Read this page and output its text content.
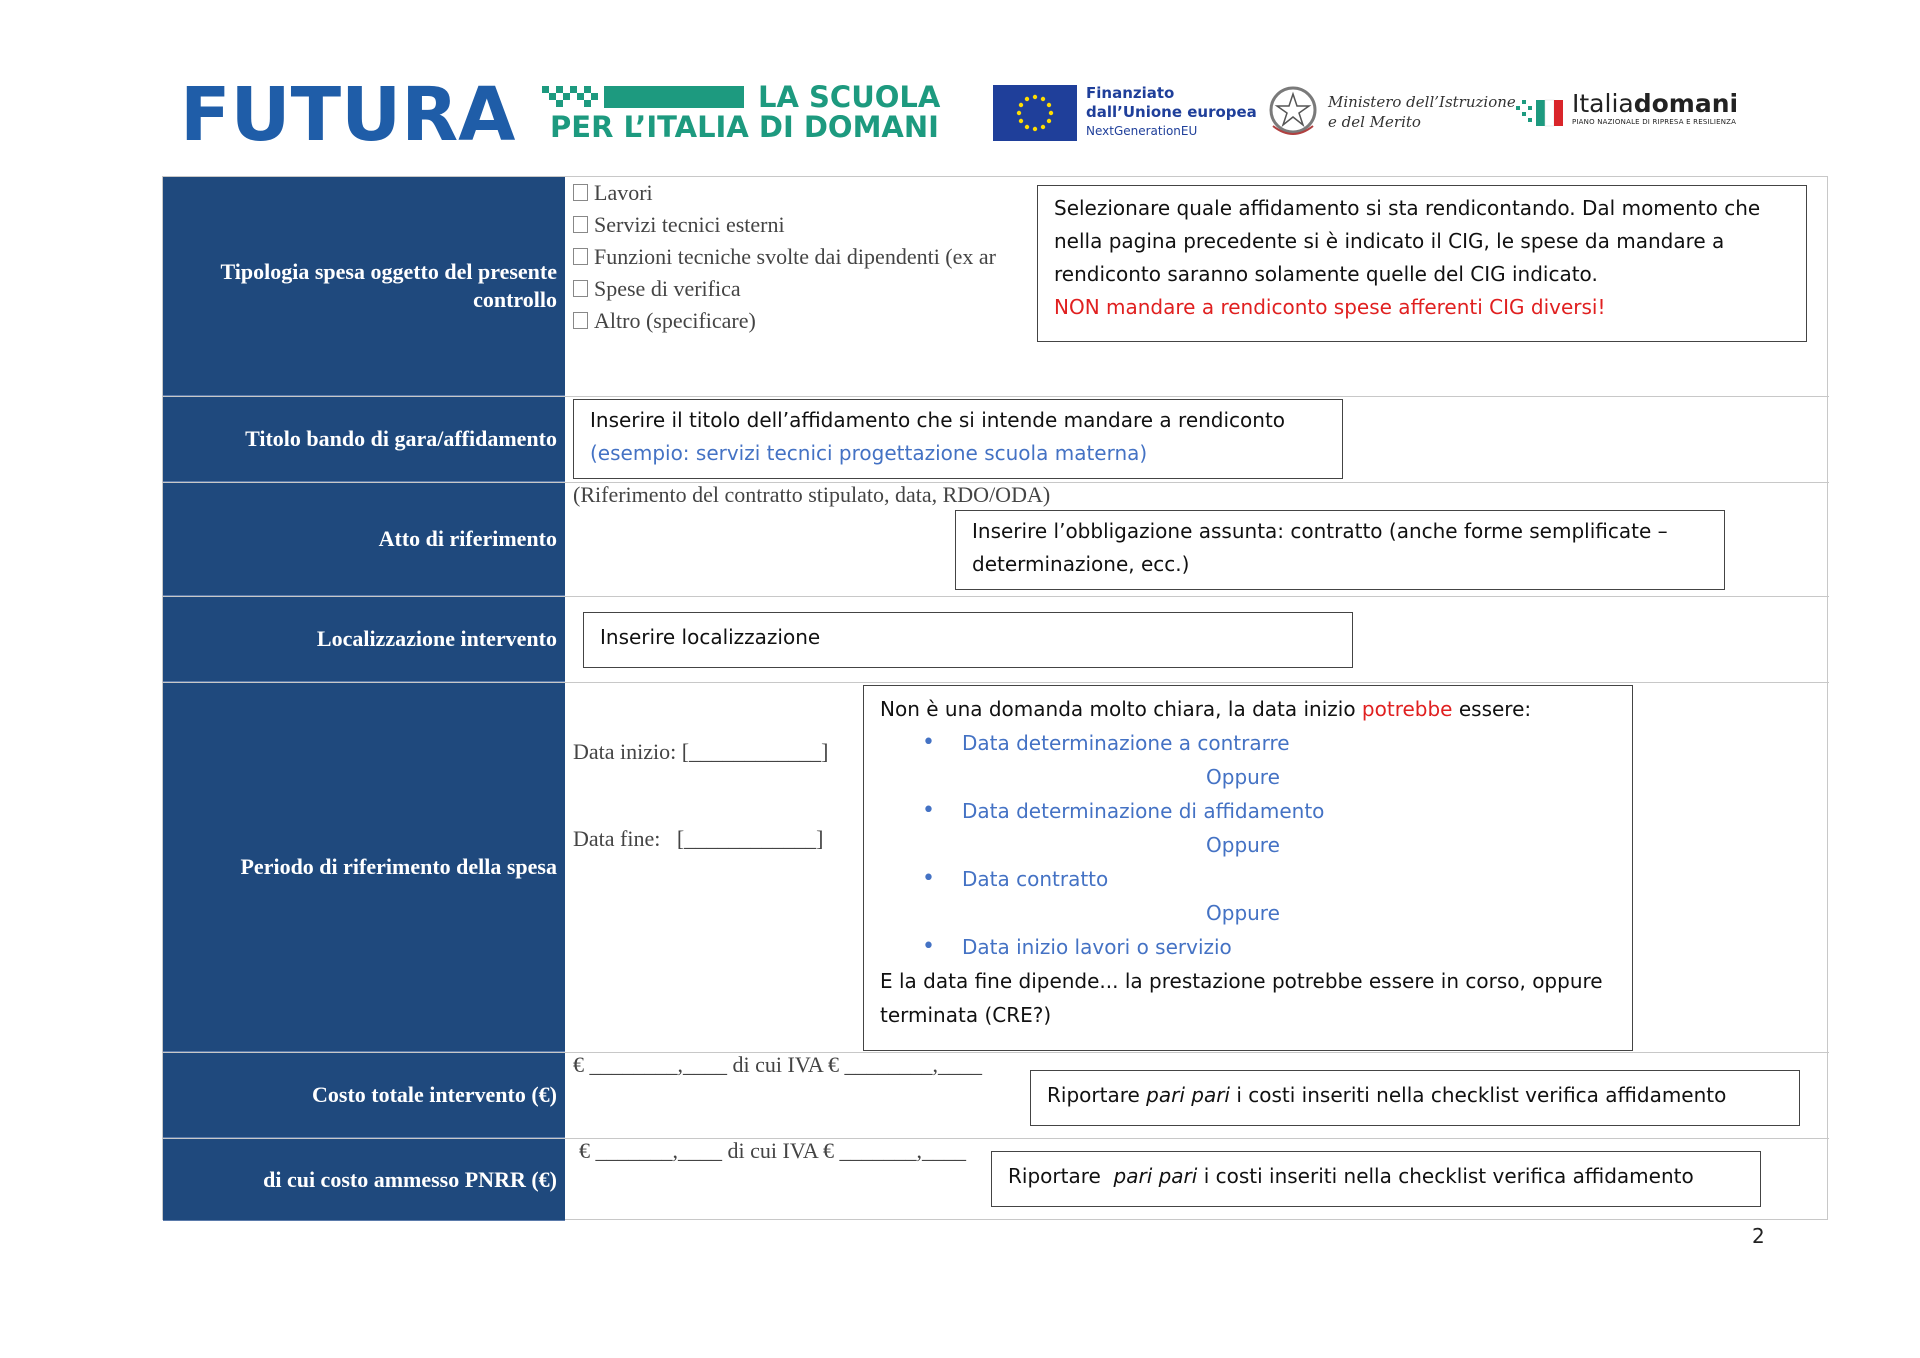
FUTURA	LA SCUOLA
PER L’ITALIA DI DOMANI
Finanziato
dall’Unione europea
NextGenerationEU
Ministero dell’Istruzione
e del Merito
Italiadomani
PIANO NAZIONALE DI RIPRESA E RESILIENZA
Tipologia spesa oggetto del presente controllo
Lavori
Servizi tecnici esterni
Funzioni tecniche svolte dai dipendenti (ex ar
Spese di verifica
Altro (specificare)
Selezionare quale affidamento si sta rendicontando. Dal momento che nella pagina precedente si è indicato il CIG, le spese da mandare a rendiconto saranno solamente quelle del CIG indicato.
NON mandare a rendiconto spese afferenti CIG diversi!
Titolo bando di gara/affidamento
Inserire il titolo dell’affidamento che si intende mandare a rendiconto
(esempio: servizi tecnici progettazione scuola materna)
Atto di riferimento
(Riferimento del contratto stipulato, data, RDO/ODA)
Inserire l’obbligazione assunta: contratto (anche forme semplificate – determinazione, ecc.)
Localizzazione intervento	Inserire localizzazione
Periodo di riferimento della spesa

Data inizio: [____________]

Data fine:   [____________]

Non è una domanda molto chiara, la data inizio potrebbe essere:
• Data determinazione a contrarre
Oppure
• Data determinazione di affidamento
Oppure
• Data contratto
Oppure
• Data inizio lavori o servizio
E la data fine dipende... la prestazione potrebbe essere in corso, oppure terminata (CRE?)
Costo totale intervento (€)
€ ________,____ di cui IVA € ________,____
Riportare pari pari i costi inseriti nella checklist verifica affidamento
di cui costo ammesso PNRR (€)
€ _______,____ di cui IVA € _______,____
Riportare  pari pari i costi inseriti nella checklist verifica affidamento
2
